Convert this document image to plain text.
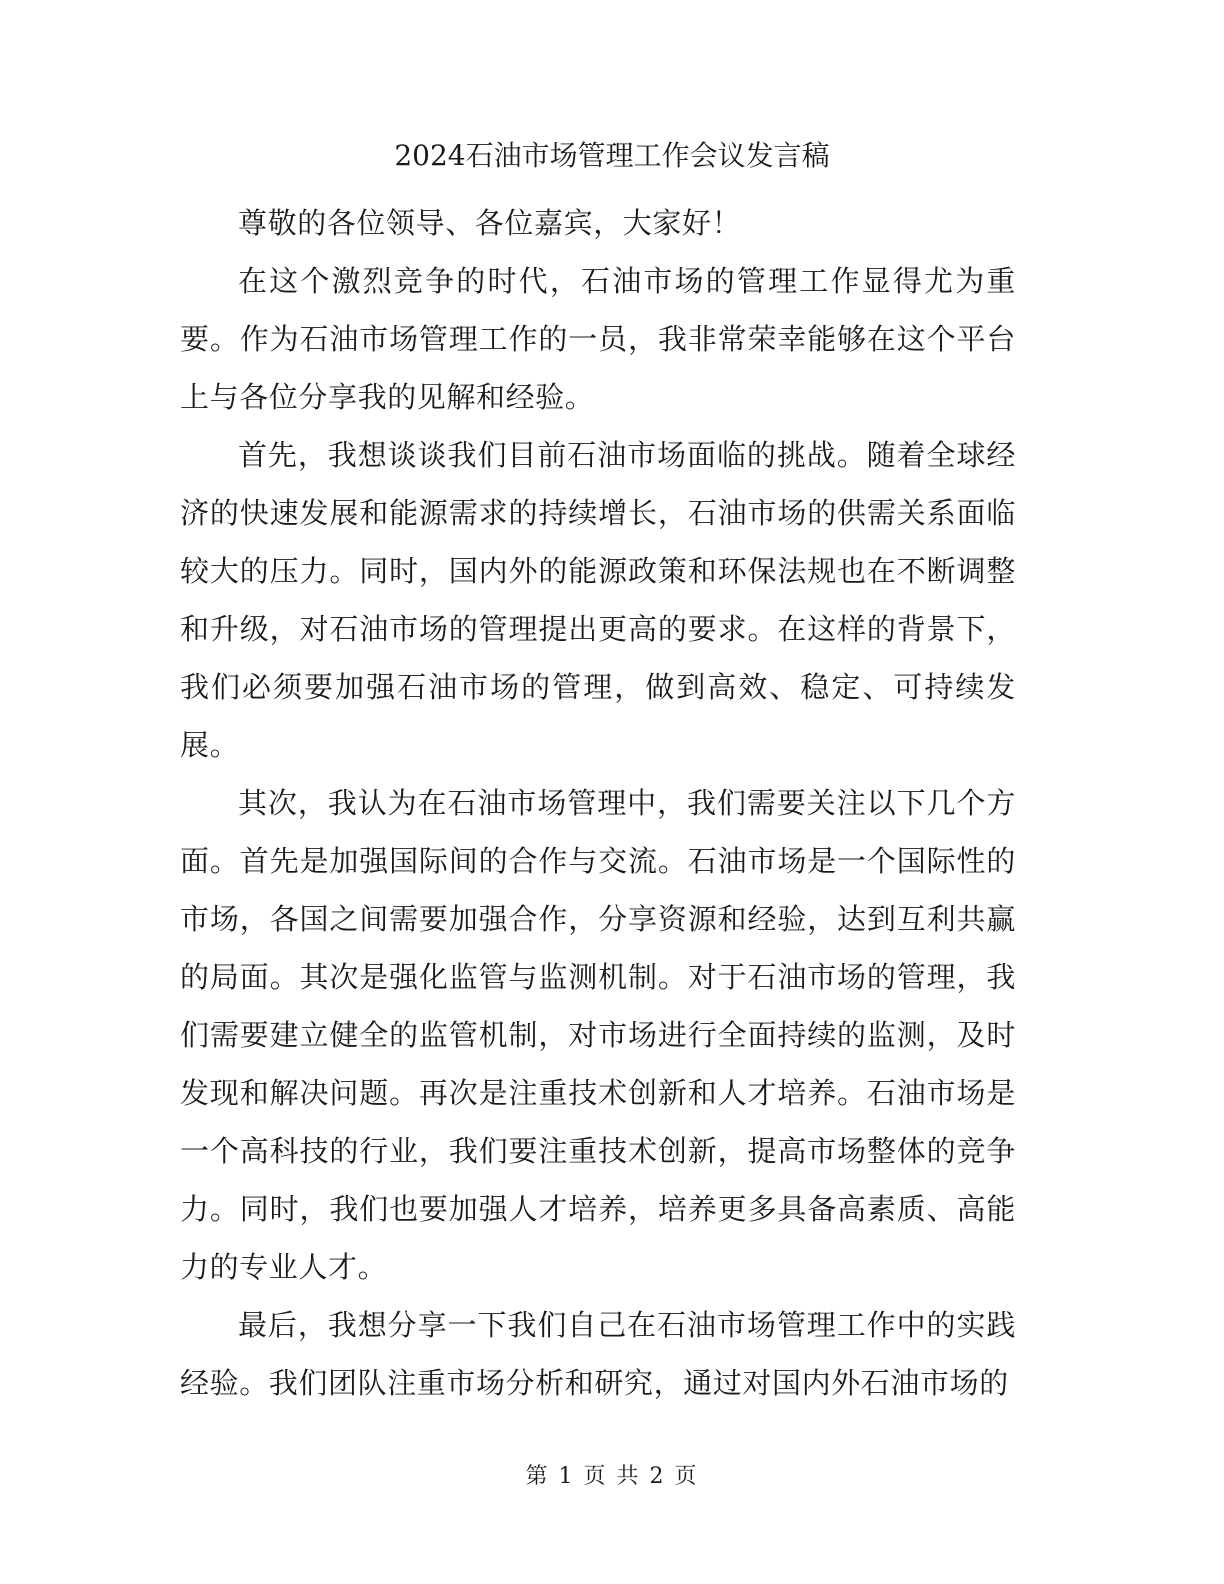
2024石油市场管理工作会议发言稿

尊敬的各位领导、各位嘉宾，大家好！

在这个激烈竞争的时代，石油市场的管理工作显得尤为重要。作为石油市场管理工作的一员，我非常荣幸能够在这个平台上与各位分享我的见解和经验。

首先，我想谈谈我们目前石油市场面临的挑战。随着全球经济的快速发展和能源需求的持续增长，石油市场的供需关系面临较大的压力。同时，国内外的能源政策和环保法规也在不断调整和升级，对石油市场的管理提出更高的要求。在这样的背景下，我们必须要加强石油市场的管理，做到高效、稳定、可持续发展。

其次，我认为在石油市场管理中，我们需要关注以下几个方面。首先是加强国际间的合作与交流。石油市场是一个国际性的市场，各国之间需要加强合作，分享资源和经验，达到互利共赢的局面。其次是强化监管与监测机制。对于石油市场的管理，我们需要建立健全的监管机制，对市场进行全面持续的监测，及时发现和解决问题。再次是注重技术创新和人才培养。石油市场是一个高科技的行业，我们要注重技术创新，提高市场整体的竞争力。同时，我们也要加强人才培养，培养更多具备高素质、高能力的专业人才。

最后，我想分享一下我们自己在石油市场管理工作中的实践经验。我们团队注重市场分析和研究，通过对国内外石油市场的

第 1 页 共 2 页
